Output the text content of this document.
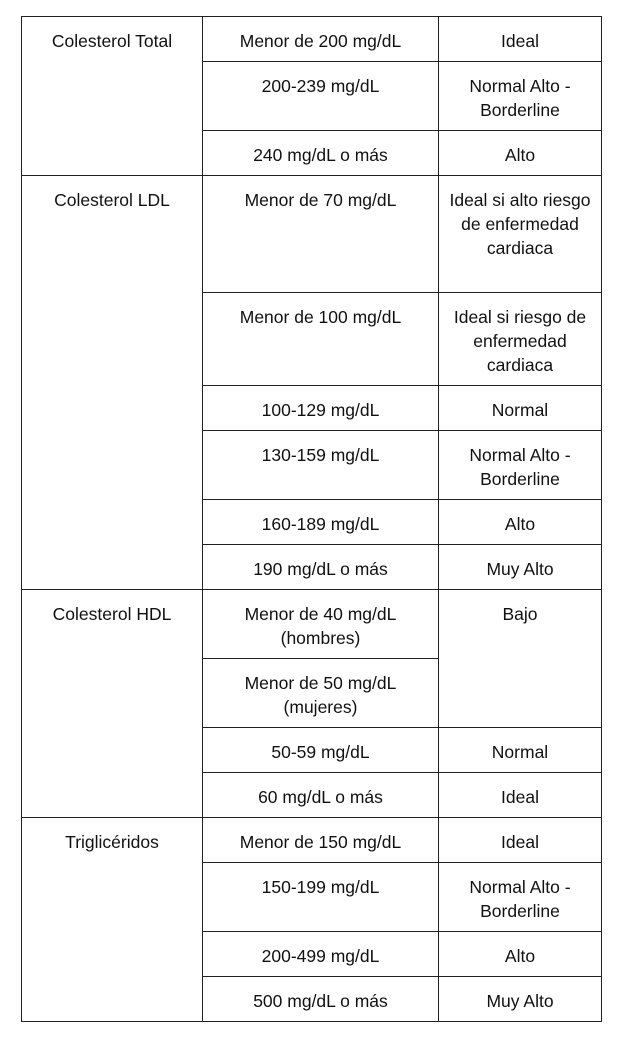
Colesterol Total	Menor de 200 mg/dL	Ideal
	200-239 mg/dL	Normal Alto - Borderline
	240 mg/dL o más	Alto
Colesterol LDL	Menor de 70 mg/dL	Ideal si alto riesgo de enfermedad cardiaca
	Menor de 100 mg/dL	Ideal si riesgo de enfermedad cardiaca
	100-129 mg/dL	Normal
	130-159 mg/dL	Normal Alto - Borderline
	160-189 mg/dL	Alto
	190 mg/dL o más	Muy Alto
Colesterol HDL	Menor de 40 mg/dL (hombres)	Bajo
	Menor de 50 mg/dL (mujeres)	
	50-59 mg/dL	Normal
	60 mg/dL o más	Ideal
Triglicéridos	Menor de 150 mg/dL	Ideal
	150-199 mg/dL	Normal Alto - Borderline
	200-499 mg/dL	Alto
	500 mg/dL o más	Muy Alto
